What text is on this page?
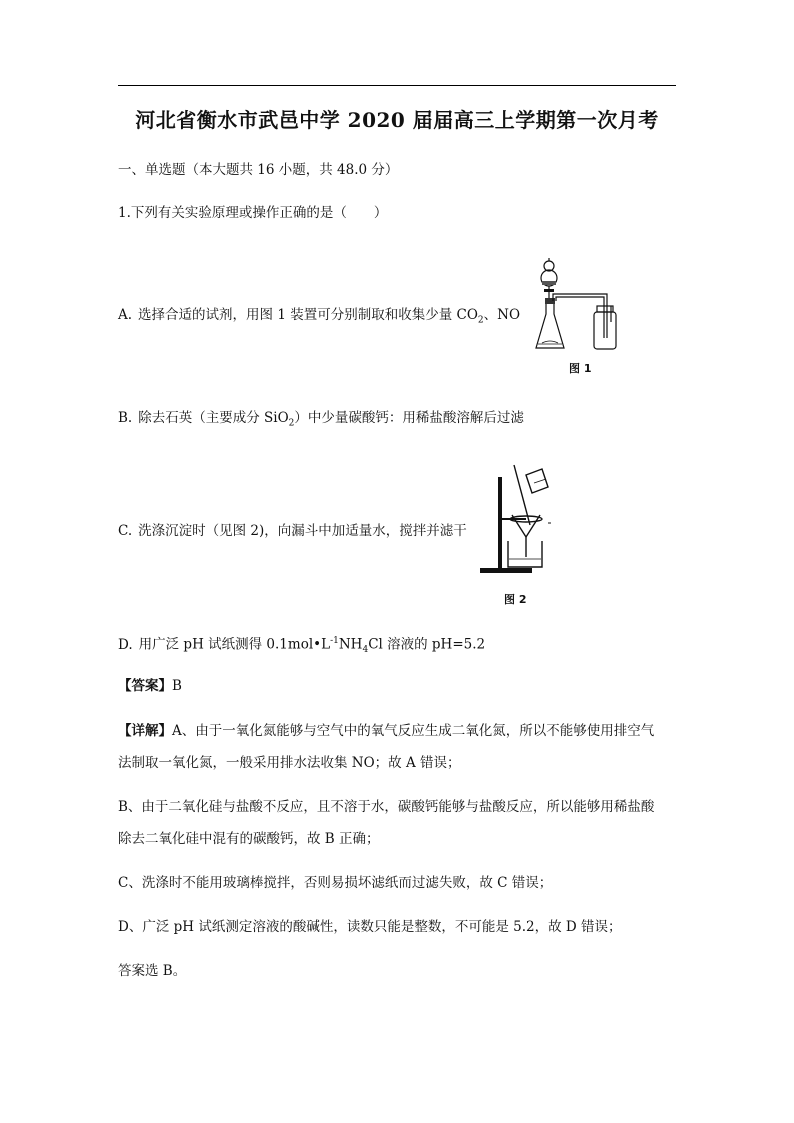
河北省衡水市武邑中学 2020 届届高三上学期第一次月考
一、单选题（本大题共 16 小题，共 48.0 分）
1.下列有关实验原理或操作正确的是（　　）
A. 选择合适的试剂，用图 1 装置可分别制取和收集少量 $CO_2$、NO
图 1
B. 除去石英（主要成分 SiO$_2$）中少量碳酸钙：用稀盐酸溶解后过滤
图 2
C. 洗涤沉淀时（见图 2)，向漏斗中加适量水，搅拌并滤干
D. 用广泛 pH 试纸测得 $0.1mol•L^{-1}NH_4Cl$ 溶液的 pH=5.2
【答案】B
【详解】A、由于一氧化氮能够与空气中的氧气反应生成二氧化氮，所以不能够使用排空气
法制取一氧化氮，一般采用排水法收集 NO；故 A 错误；
B、由于二氧化硅与盐酸不反应，且不溶于水，碳酸钙能够与盐酸反应，所以能够用稀盐酸
除去二氧化硅中混有的碳酸钙，故 B 正确；
C、洗涤时不能用玻璃棒搅拌，否则易损坏滤纸而过滤失败，故 C 错误；
D、广泛 pH 试纸测定溶液的酸碱性，读数只能是整数，不可能是 5.2，故 D 错误；
答案选 B。
